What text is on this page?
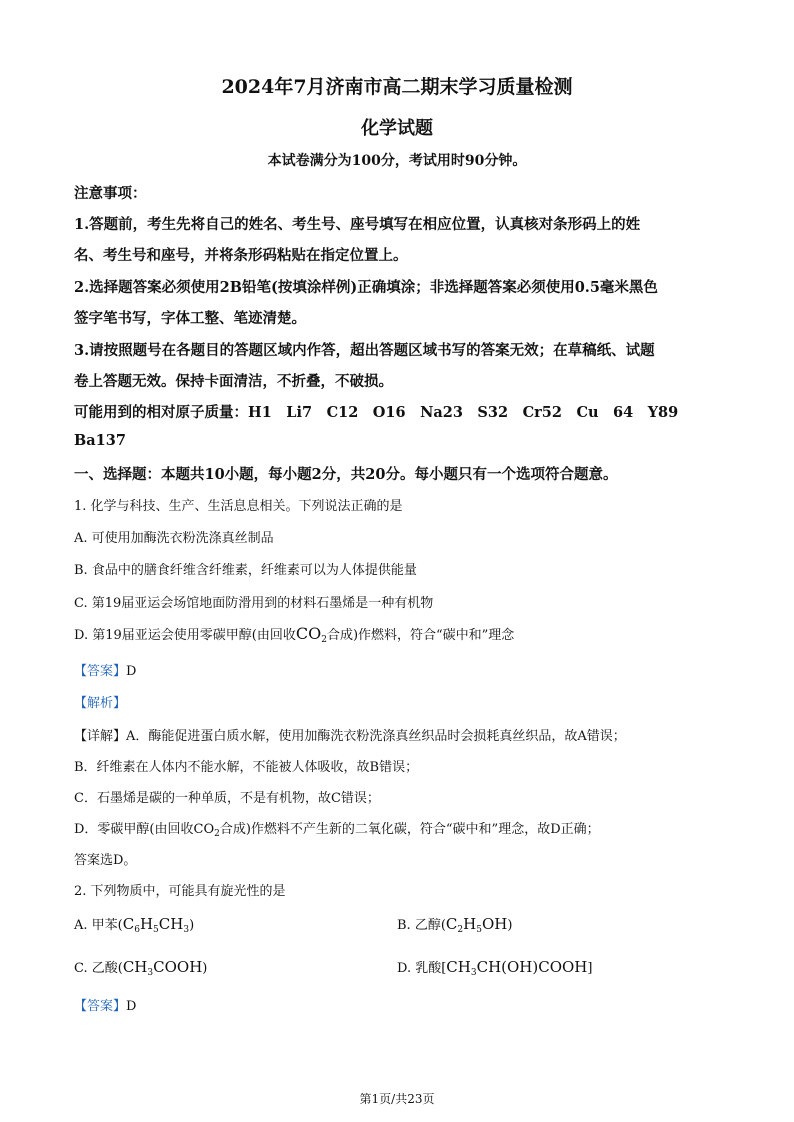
2024年7月济南市高二期末学习质量检测
化学试题
本试卷满分为100分，考试用时90分钟。
注意事项：
1.答题前，考生先将自己的姓名、考生号、座号填写在相应位置，认真核对条形码上的姓
名、考生号和座号，并将条形码粘贴在指定位置上。
2.选择题答案必须使用2B铅笔(按填涂样例)正确填涂；非选择题答案必须使用0.5毫米黑色
签字笔书写，字体工整、笔迹清楚。
3.请按照题号在各题目的答题区域内作答，超出答题区域书写的答案无效；在草稿纸、试题
卷上答题无效。保持卡面清洁，不折叠，不破损。
可能用到的相对原子质量：H1　Li7　C12　O16　Na23　S32　Cr52　Cu　64　Y89
Ba137
一、选择题：本题共10小题，每小题2分，共20分。每小题只有一个选项符合题意。
1. 化学与科技、生产、生活息息相关。下列说法正确的是
A. 可使用加酶洗衣粉洗涤真丝制品
B. 食品中的膳食纤维含纤维素，纤维素可以为人体提供能量
C. 第19届亚运会场馆地面防滑用到的材料石墨烯是一种有机物
D. 第19届亚运会使用零碳甲醇(由回收$CO_2$合成)作燃料，符合“碳中和”理念
【答案】D
【解析】
【详解】A．酶能促进蛋白质水解，使用加酶洗衣粉洗涤真丝织品时会损耗真丝织品，故A错误；
B．纤维素在人体内不能水解，不能被人体吸收，故B错误；
C．石墨烯是碳的一种单质，不是有机物，故C错误；
D．零碳甲醇(由回收$CO_2$合成)作燃料不产生新的二氧化碳，符合“碳中和”理念，故D正确；
答案选D。
2. 下列物质中，可能具有旋光性的是
A. 甲苯$(C_6H_5CH_3)$	B. 乙醇$(C_2H_5OH)$
C. 乙酸$(CH_3COOH)$	D. 乳酸$[CH_3CH(OH)COOH]$
【答案】D
第1页/共23页
